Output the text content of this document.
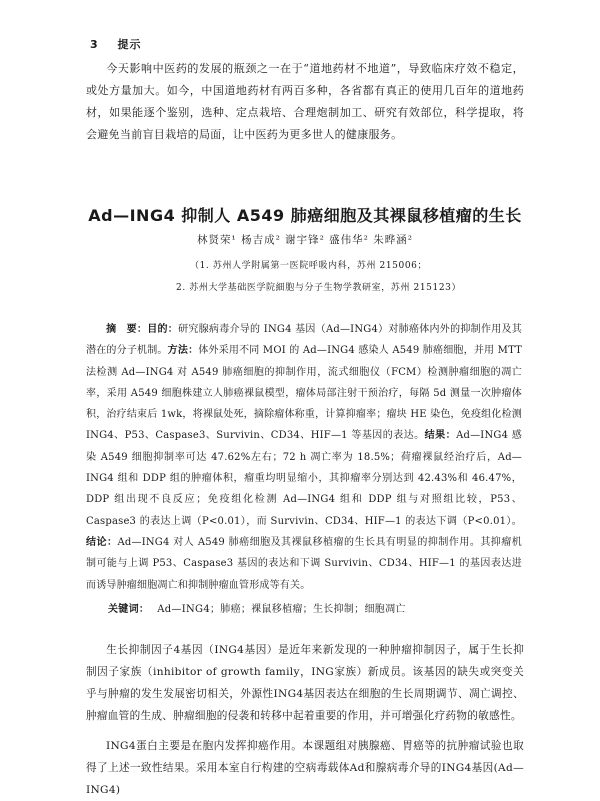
3 提示
今天影响中医药的发展的瓶颈之一在于“道地药材不地道”，导致临床疗效不稳定，或处方量加大。如今，中国道地药材有两百多种，各省都有真正的使用几百年的道地药材，如果能逐个鉴别，选种、定点栽培、合理炮制加工、研究有效部位，科学提取，将会避免当前盲目栽培的局面，让中医药为更多世人的健康服务。
Ad—ING4 抑制人 A549 肺癌细胞及其裸鼠移植瘤的生长
林贤荣¹ 杨吉成² 谢宇锋² 盛伟华² 朱晔涵²
（1. 苏州人学附属第一医院呼吸内科，苏州 215006；
2. 苏州大学基础医学院細胞与分子生物学教研室，苏州 215123）
摘　要：目的：研究腺病毒介导的 ING4 基因（Ad—ING4）对肺癌体内外的抑制作用及其潜在的分子机制。方法：体外采用不同 MOI 的 Ad—ING4 感染人 A549 肺癌细胞，并用 MTT 法检测 Ad—ING4 对 A549 肺癌细胞的抑制作用，流式细胞仪（FCM）检测肿瘤细胞的凋亡率，采用 A549 细胞株建立人肺癌裸鼠模型，瘤体局部注射干预治疗，每隔 5d 测量一次肿瘤体积，治疗结束后 1wk，将裸鼠处死，摘除瘤体称重，计算抑瘤率；瘤块 HE 染色，免疫组化检测 ING4、P53、Caspase3、Survivin、CD34、HIF—1 等基因的表达。结果：Ad—ING4 感染 A549 细胞抑制率可达 47.62%左右；72 h 凋亡率为 18.5%；荷瘤裸鼠经治疗后，Ad—ING4 组和 DDP 组的肿瘤体积，瘤重均明显缩小，其抑瘤率分别达到 42.43%和 46.47%，DDP 组出现不良反应；免疫组化检测 Ad—ING4 组和 DDP 组与对照组比较，P53、Caspase3 的表达上调（P<0.01），而 Survivin、CD34、HIF—1 的表达下调（P<0.01）。结论：Ad—ING4 对人 A549 肺癌细胞及其裸鼠移植瘤的生长具有明显的抑制作用。其抑瘤机制可能与上调 P53、Caspase3 基因的表达和下调 Survivin、CD34、HIF—1 的基因表达进而诱导肿瘤细胞凋亡和抑制肿瘤血管形成等有关。
关键词： Ad—ING4；肺癌；裸鼠移植瘤；生长抑制；细胞凋亡
生长抑制因子4基因（ING4基因）是近年来新发现的一种肿瘤抑制因子，属于生长抑制因子家族（inhibitor of growth family，ING家族）新成员。该基因的缺失或突变关乎与肿瘤的发生发展密切相关，外源性ING4基因表达在细胞的生长周期调节、凋亡调控、肿瘤血管的生成、肿瘤细胞的侵袭和转移中起着重要的作用，并可增强化疗药物的敏感性。
ING4蛋白主要是在胞内发挥抑癌作用。本课题组对胰腺癌、胃癌等的抗肿瘤试验也取得了上述一致性结果。采用本室自行构建的空病毒载体Ad和腺病毒介导的ING4基因(Ad—ING4)
